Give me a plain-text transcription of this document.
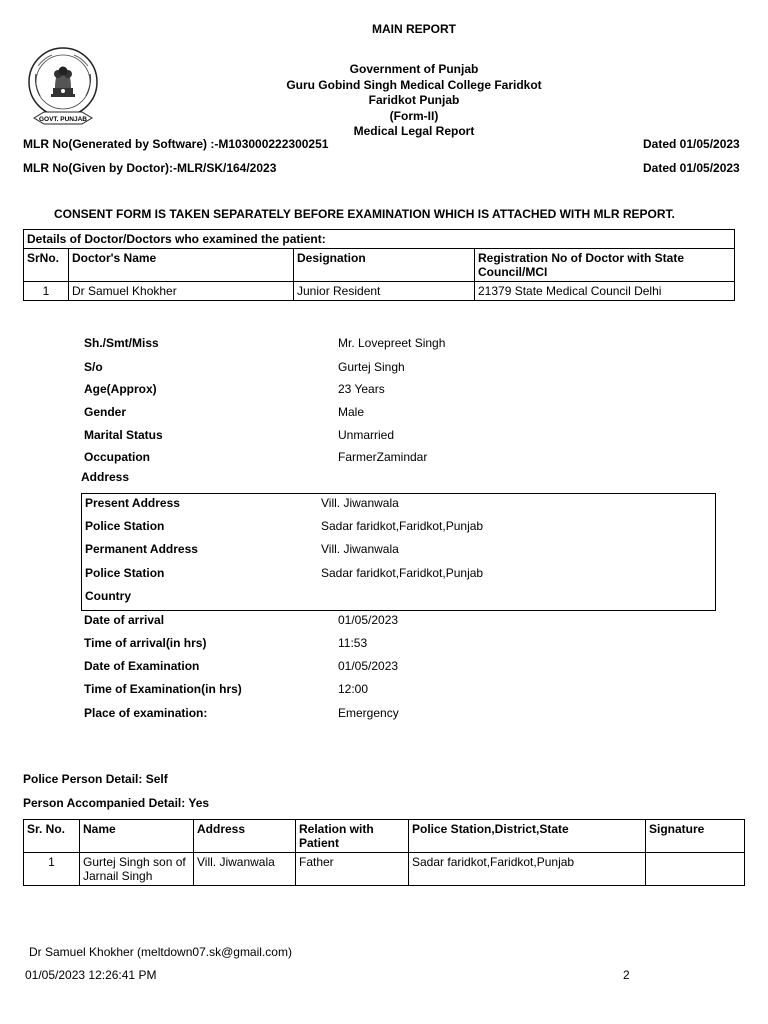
GOVT. PUNJAB
MAIN REPORT
Government of Punjab
Guru Gobind Singh Medical College Faridkot
Faridkot Punjab
(Form-II)
Medical Legal Report
MLR No(Generated by Software) :-M103000222300251	Dated 01/05/2023
MLR No(Given by Doctor):-MLR/SK/164/2023	Dated 01/05/2023
CONSENT FORM IS TAKEN SEPARATELY BEFORE EXAMINATION WHICH IS ATTACHED WITH MLR REPORT.
Details of Doctor/Doctors who examined the patient:			
SrNo.	Doctor's Name	Designation	Registration No of Doctor with State Council/MCI
1	Dr Samuel Khokher	Junior Resident	21379 State Medical Council Delhi
Sh./Smt/Miss	Mr. Lovepreet Singh
S/o	Gurtej Singh
Age(Approx)	23 Years
Gender	Male
Marital Status	Unmarried
Occupation	FarmerZamindar
Address
Present Address	Vill. Jiwanwala
Police Station	Sadar faridkot,Faridkot,Punjab
Permanent Address	Vill. Jiwanwala
Police Station	Sadar faridkot,Faridkot,Punjab
Country
Date of arrival	01/05/2023
Time of arrival(in hrs)	11:53
Date of Examination	01/05/2023
Time of Examination(in hrs)	12:00
Place of examination:	Emergency
Police Person Detail: Self
Person Accompanied Detail: Yes
Sr. No.	Name	Address	Relation with Patient	Police Station,District,State	Signature
1	Gurtej Singh son of Jarnail Singh	Vill. Jiwanwala	Father	Sadar faridkot,Faridkot,Punjab	
Dr Samuel Khokher (meltdown07.sk@gmail.com)
01/05/2023 12:26:41 PM	2
